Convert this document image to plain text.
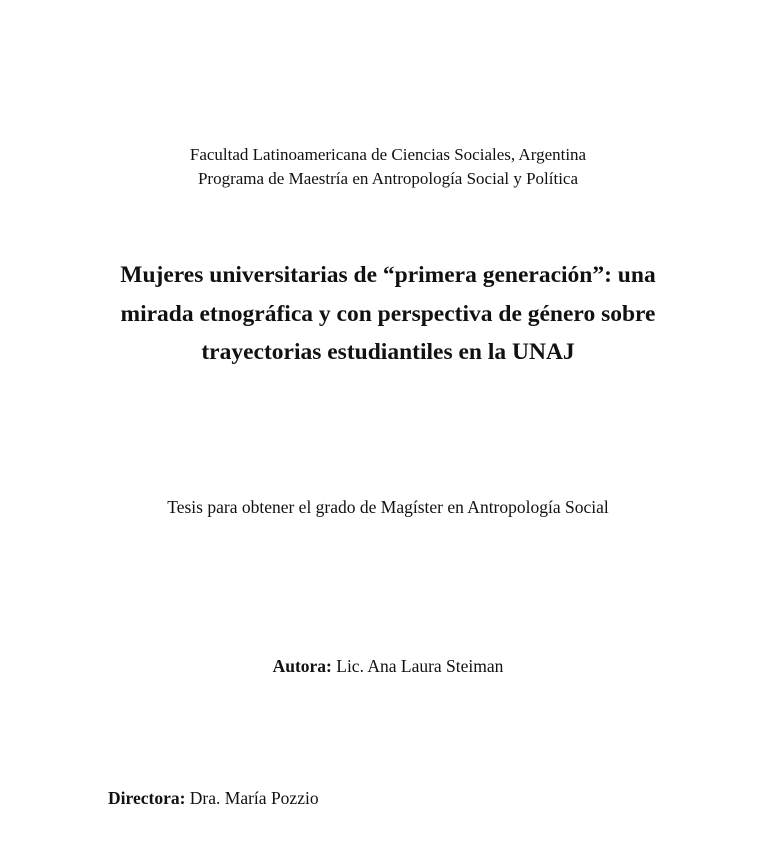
Facultad Latinoamericana de Ciencias Sociales, Argentina
Programa de Maestría en Antropología Social y Política
Mujeres universitarias de “primera generación”: una
mirada etnográfica y con perspectiva de género sobre
trayectorias estudiantiles en la UNAJ
Tesis para obtener el grado de Magíster en Antropología Social
Autora: Lic. Ana Laura Steiman
Directora: Dra. María Pozzio
